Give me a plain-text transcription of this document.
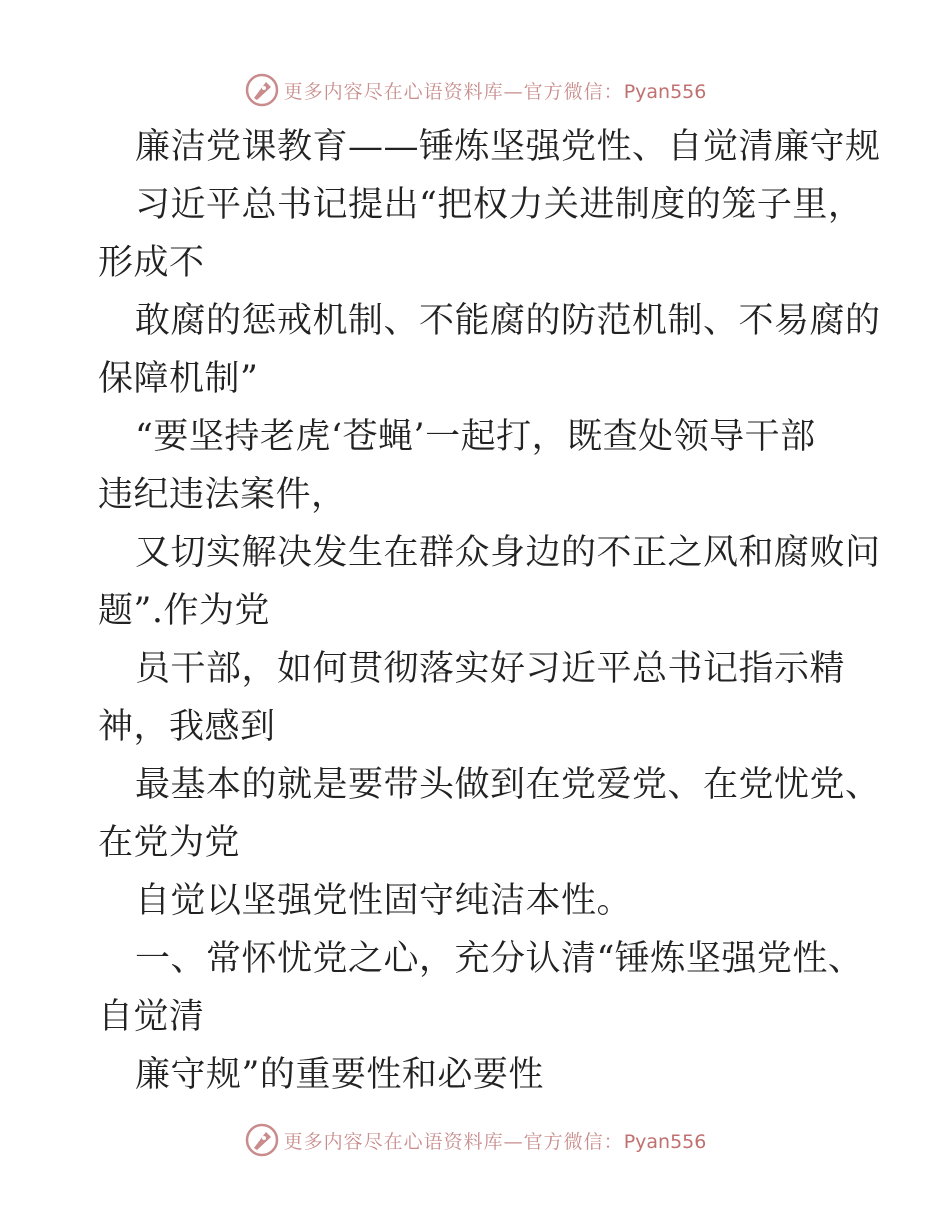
更多内容尽在心语资料库—官方微信：Pyan556
廉洁党课教育——锤炼坚强党性、自觉清廉守规
习近平总书记提出“把权力关进制度的笼子里，
形成不
敢腐的惩戒机制、不能腐的防范机制、不易腐的
保障机制”
“要坚持老虎‘苍蝇’一起打，既查处领导干部
违纪违法案件，
又切实解决发生在群众身边的不正之风和腐败问
题”.作为党
员干部，如何贯彻落实好习近平总书记指示精
神，我感到
最基本的就是要带头做到在党爱党、在党忧党、
在党为党
自觉以坚强党性固守纯洁本性。
一、常怀忧党之心，充分认清“锤炼坚强党性、
自觉清
廉守规”的重要性和必要性
更多内容尽在心语资料库—官方微信：Pyan556
